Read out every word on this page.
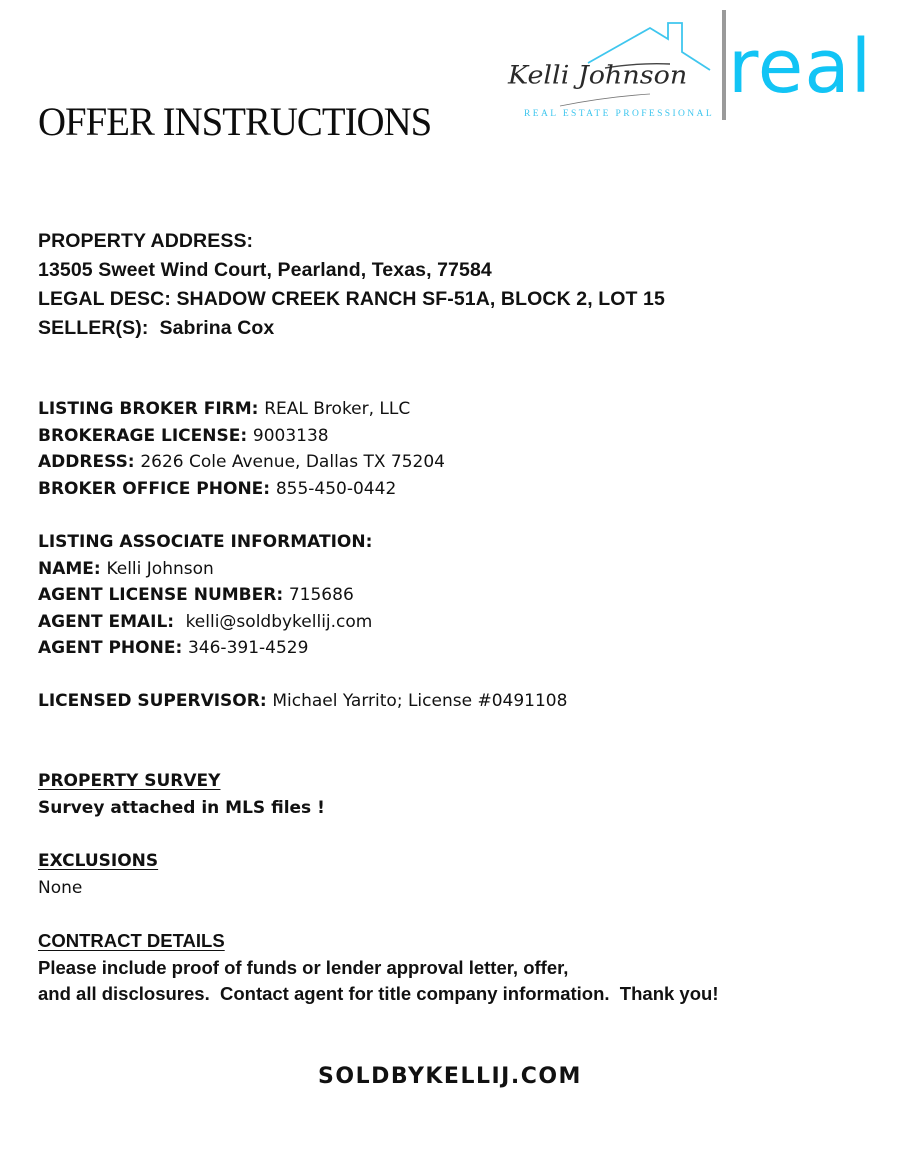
OFFER INSTRUCTIONS
Kelli Johnson
REAL ESTATE PROFESSIONAL
real
PROPERTY ADDRESS:
13505 Sweet Wind Court, Pearland, Texas, 77584
LEGAL DESC: SHADOW CREEK RANCH SF-51A, BLOCK 2, LOT 15
SELLER(S): Sabrina Cox
LISTING BROKER FIRM: REAL Broker, LLC
BROKERAGE LICENSE: 9003138
ADDRESS: 2626 Cole Avenue, Dallas TX 75204
BROKER OFFICE PHONE: 855-450-0442
LISTING ASSOCIATE INFORMATION:
NAME: Kelli Johnson
AGENT LICENSE NUMBER: 715686
AGENT EMAIL: kelli@soldbykellij.com
AGENT PHONE: 346-391-4529
LICENSED SUPERVISOR: Michael Yarrito; License #0491108
PROPERTY SURVEY
Survey attached in MLS files !
EXCLUSIONS
None
CONTRACT DETAILS
Please include proof of funds or lender approval letter, offer,
and all disclosures.  Contact agent for title company information.  Thank you!
SOLDBYKELLIJ.COM
